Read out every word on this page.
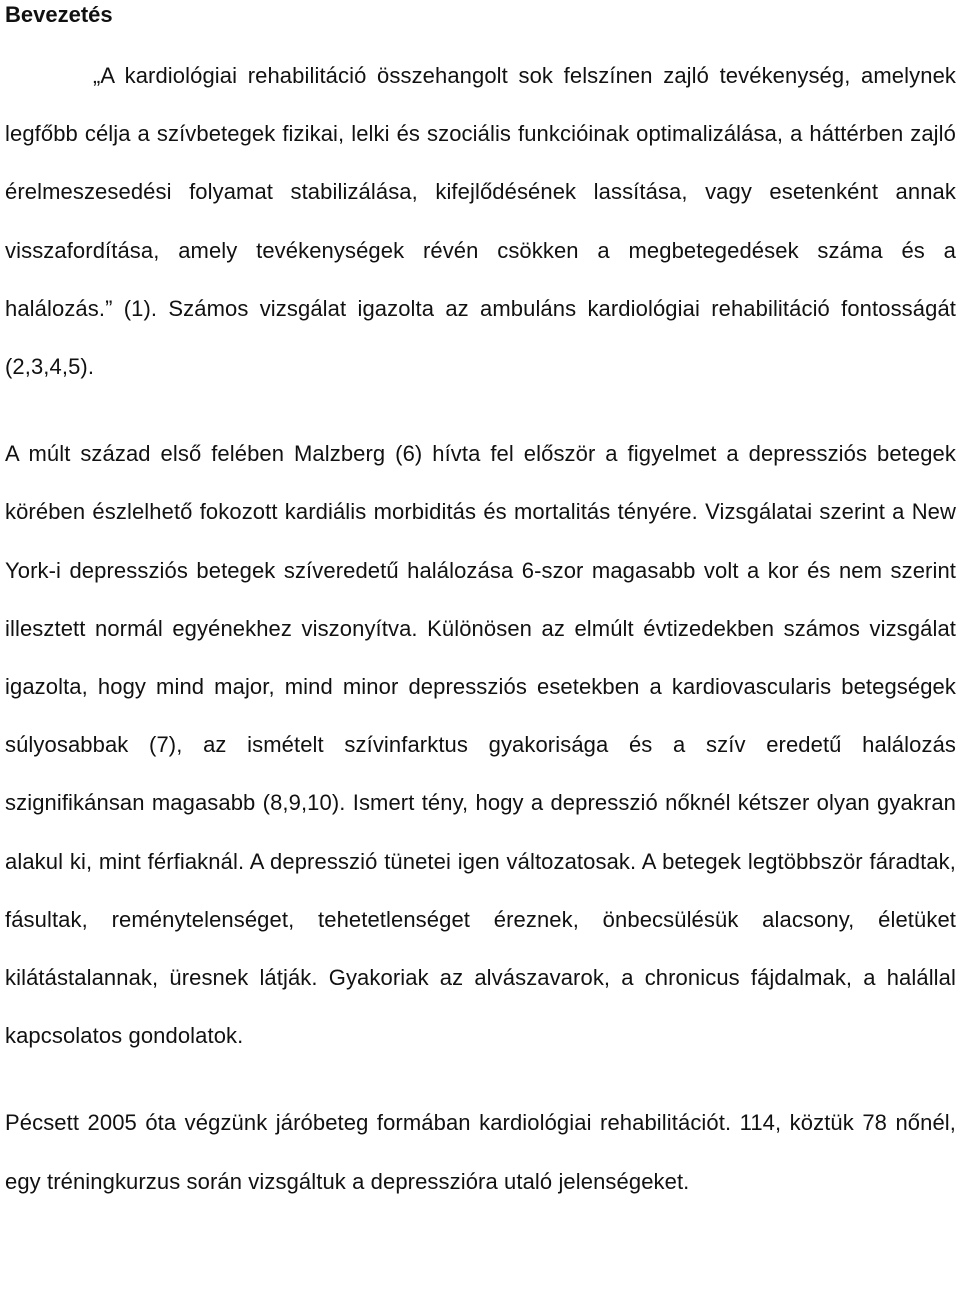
Bevezetés

„A kardiológiai rehabilitáció összehangolt sok felszínen zajló tevékenység, amelynek legfőbb célja a szívbetegek fizikai, lelki és szociális funkcióinak optimalizálása, a háttérben zajló érelmeszesedési folyamat stabilizálása, kifejlődésének lassítása, vagy esetenként annak visszafordítása, amely tevékenységek révén csökken a megbetegedések száma és a halálozás.” (1). Számos vizsgálat igazolta az ambuláns kardiológiai rehabilitáció fontosságát (2,3,4,5).

A múlt század első felében Malzberg (6) hívta fel először a figyelmet a depressziós betegek körében észlelhető fokozott kardiális morbiditás és mortalitás tényére. Vizsgálatai szerint a New York-i depressziós betegek szíveredetű halálozása 6-szor magasabb volt a kor és nem szerint illesztett normál egyénekhez viszonyítva. Különösen az elmúlt évtizedekben számos vizsgálat igazolta, hogy mind major, mind minor depressziós esetekben a kardiovascularis betegségek súlyosabbak (7), az ismételt szívinfarktus gyakorisága és a szív eredetű halálozás szignifikánsan magasabb (8,9,10). Ismert tény, hogy a depresszió nőknél kétszer olyan gyakran alakul ki, mint férfiaknál. A depresszió tünetei igen változatosak. A betegek legtöbbször fáradtak, fásultak, reménytelenséget, tehetetlenséget éreznek, önbecsülésük alacsony, életüket kilátástalannak, üresnek látják. Gyakoriak az alvászavarok, a chronicus fájdalmak, a halállal kapcsolatos gondolatok.

Pécsett 2005 óta végzünk járóbeteg formában kardiológiai rehabilitációt. 114, köztük 78 nőnél, egy tréningkurzus során vizsgáltuk a depresszióra utaló jelenségeket.
